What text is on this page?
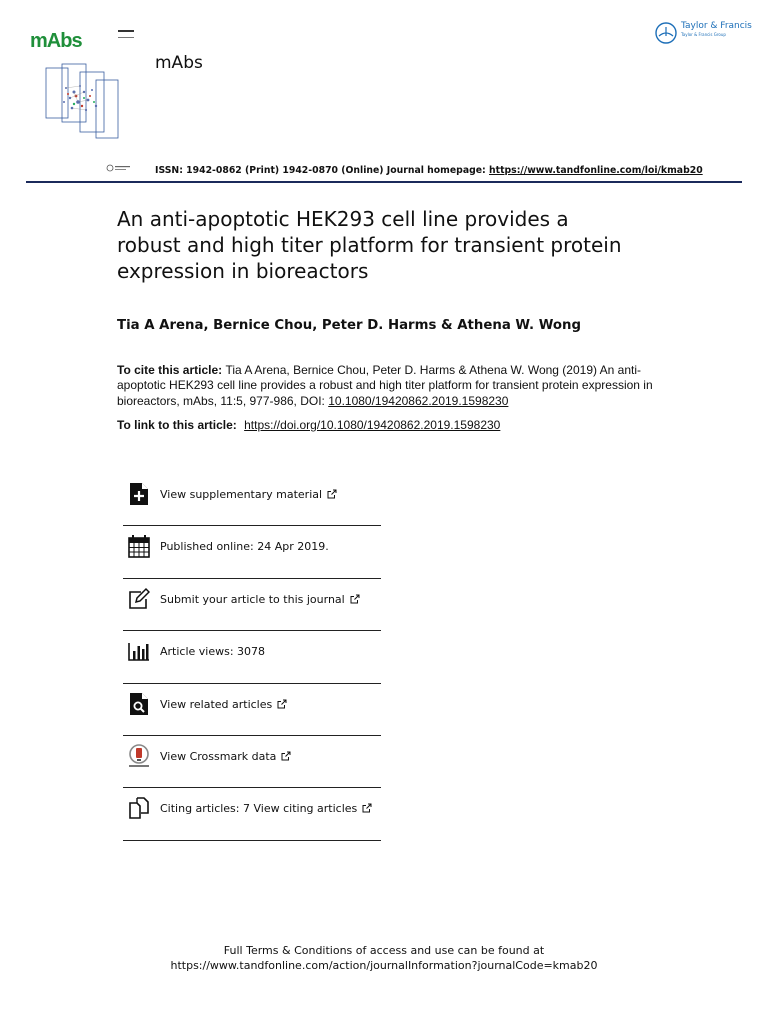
mAbs
mAbs
Taylor & Francis
Taylor & Francis Group
ISSN: 1942-0862 (Print) 1942-0870 (Online) Journal homepage: https://www.tandfonline.com/loi/kmab20
An anti-apoptotic HEK293 cell line provides a robust and high titer platform for transient protein expression in bioreactors
Tia A Arena, Bernice Chou, Peter D. Harms & Athena W. Wong
To cite this article: Tia A Arena, Bernice Chou, Peter D. Harms & Athena W. Wong (2019) An anti-apoptotic HEK293 cell line provides a robust and high titer platform for transient protein expression in bioreactors, mAbs, 11:5, 977-986, DOI: 10.1080/19420862.2019.1598230
To link to this article: https://doi.org/10.1080/19420862.2019.1598230
View supplementary material
Published online: 24 Apr 2019.
Submit your article to this journal
Article views: 3078
View related articles
View Crossmark data
Citing articles: 7 View citing articles
Full Terms & Conditions of access and use can be found at
https://www.tandfonline.com/action/journalInformation?journalCode=kmab20
